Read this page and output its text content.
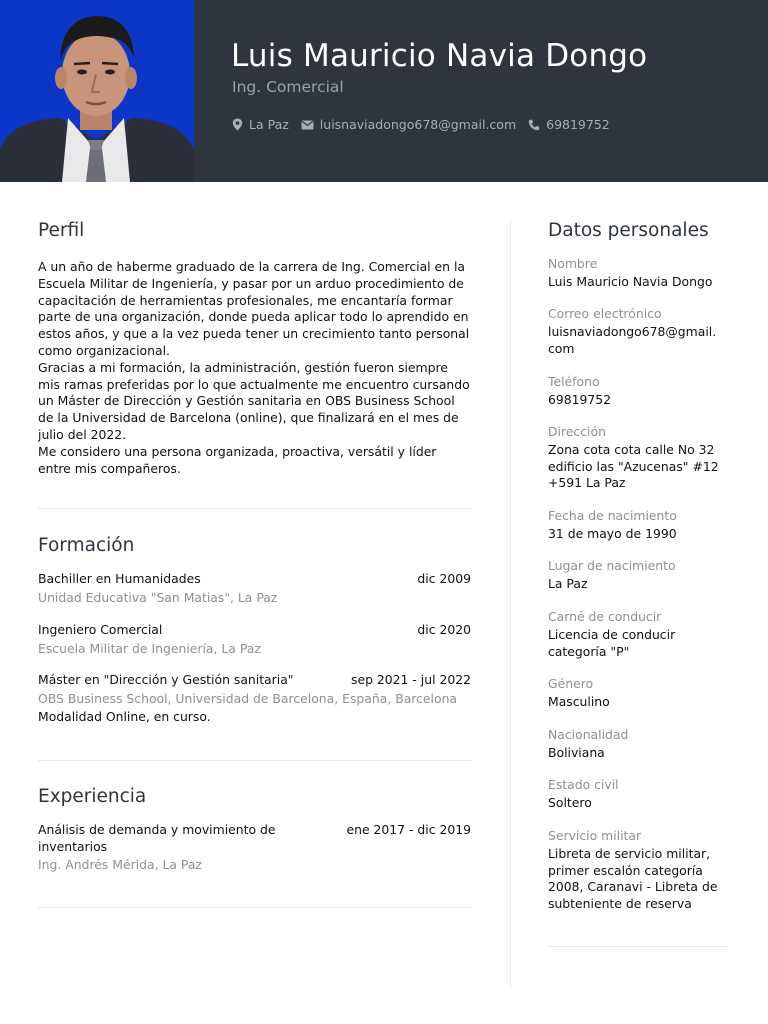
Luis Mauricio Navia Dongo
Ing. Comercial
La Paz luisnaviadongo678@gmail.com 69819752
Perfil
A un año de haberme graduado de la carrera de Ing. Comercial en la Escuela Militar de Ingeniería, y pasar por un arduo procedimiento de capacitación de herramientas profesionales, me encantaría formar parte de una organización, donde pueda aplicar todo lo aprendido en estos años, y que a la vez pueda tener un crecimiento tanto personal como organizacional.
Gracias a mi formación, la administración, gestión fueron siempre mis ramas preferidas por lo que actualmente me encuentro cursando un Máster de Dirección y Gestión sanitaria en OBS Business School de la Universidad de Barcelona (online), que finalizará en el mes de julio del 2022.
Me considero una persona organizada, proactiva, versátil y líder entre mis compañeros.
Formación
Bachiller en Humanidades	dic 2009
Unidad Educativa "San Matias", La Paz
Ingeniero Comercial	dic 2020
Escuela Militar de Ingeniería, La Paz
Máster en "Dirección y Gestión sanitaria"	sep 2021 - jul 2022
OBS Business School, Universidad de Barcelona, España, Barcelona
Modalidad Online, en curso.
Experiencia
Análisis de demanda y movimiento de inventarios
ene 2017 - dic 2019
Ing. Andrés Mérida, La Paz
Datos personales
Nombre
Luis Mauricio Navia Dongo
Correo electrónico
luisnaviadongo678@gmail.
com
Teléfono
69819752
Dirección
Zona cota cota calle No 32 edificio las "Azucenas" #12 +591 La Paz
Fecha de nacimiento
31 de mayo de 1990
Lugar de nacimiento
La Paz
Carné de conducir
Licencia de conducir categoría "P"
Género
Masculino
Nacionalidad
Boliviana
Estado civil
Soltero
Servicio militar
Libreta de servicio militar, primer escalón categoría 2008, Caranavi - Libreta de subteniente de reserva
